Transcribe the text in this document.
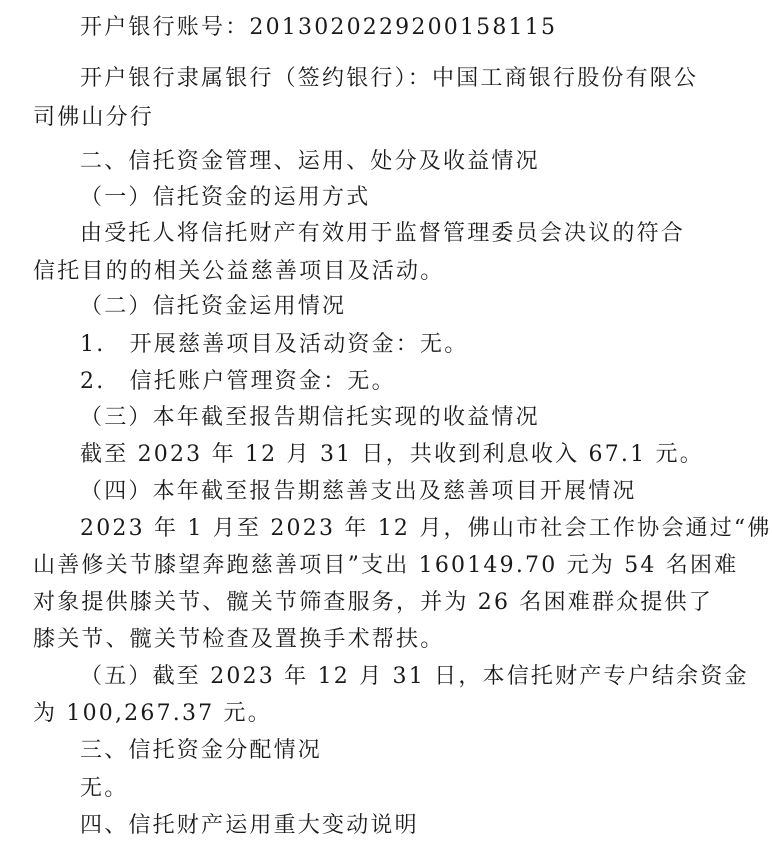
开户银行账号：2013020229200158115
开户银行隶属银行（签约银行）：中国工商银行股份有限公
司佛山分行
二、信托资金管理、运用、处分及收益情况
（一）信托资金的运用方式
由受托人将信托财产有效用于监督管理委员会决议的符合
信托目的的相关公益慈善项目及活动。
（二）信托资金运用情况
1.　开展慈善项目及活动资金：无。
2.　信托账户管理资金：无。
（三）本年截至报告期信托实现的收益情况
截至 2023 年 12 月 31 日，共收到利息收入 67.1 元。
（四）本年截至报告期慈善支出及慈善项目开展情况
2023 年 1 月至 2023 年 12 月，佛山市社会工作协会通过“佛
山善修关节膝望奔跑慈善项目”支出 160149.70 元为 54 名困难
对象提供膝关节、髋关节筛查服务，并为 26 名困难群众提供了
膝关节、髋关节检查及置换手术帮扶。
（五）截至 2023 年 12 月 31 日，本信托财产专户结余资金
为 100,267.37 元。
三、信托资金分配情况
无。
四、信托财产运用重大变动说明
